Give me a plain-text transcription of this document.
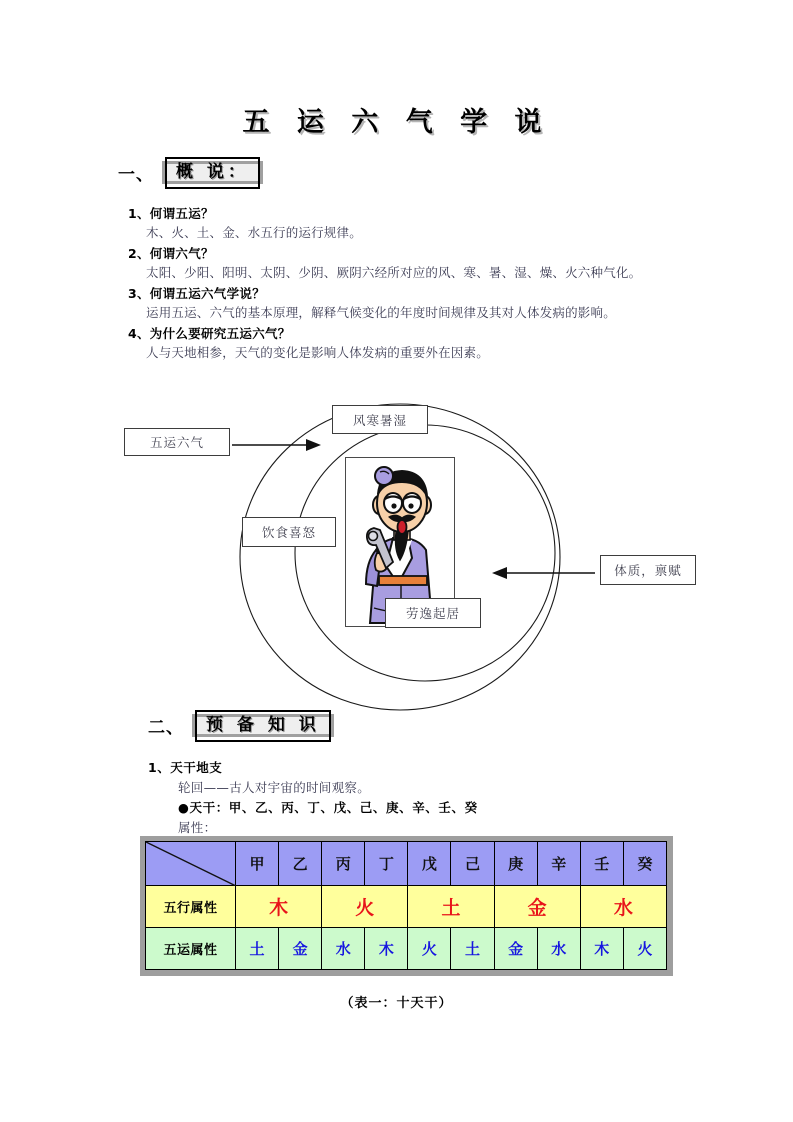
五 运 六 气 学 说
一、	概 说：
1、何谓五运？
木、火、土、金、水五行的运行规律。
2、何谓六气？
太阳、少阳、阳明、太阴、少阴、厥阴六经所对应的风、寒、暑、湿、燥、火六种气化。
3、何谓五运六气学说？
运用五运、六气的基本原理，解释气候变化的年度时间规律及其对人体发病的影响。
4、为什么要研究五运六气？
人与天地相参，天气的变化是影响人体发病的重要外在因素。
五运六气
风寒暑湿
饮食喜怒
体质，禀赋
劳逸起居
二、	预 备 知 识
1、天干地支
轮回——古人对宇宙的时间观察。
●天干：甲、乙、丙、丁、戊、己、庚、辛、壬、癸
属性：
	甲	乙	丙	丁	戊	己	庚	辛	壬	癸
五行属性	木		火		土		金		水	
五运属性	土	金	水	木	火	土	金	水	木	火
（表一：十天干）
